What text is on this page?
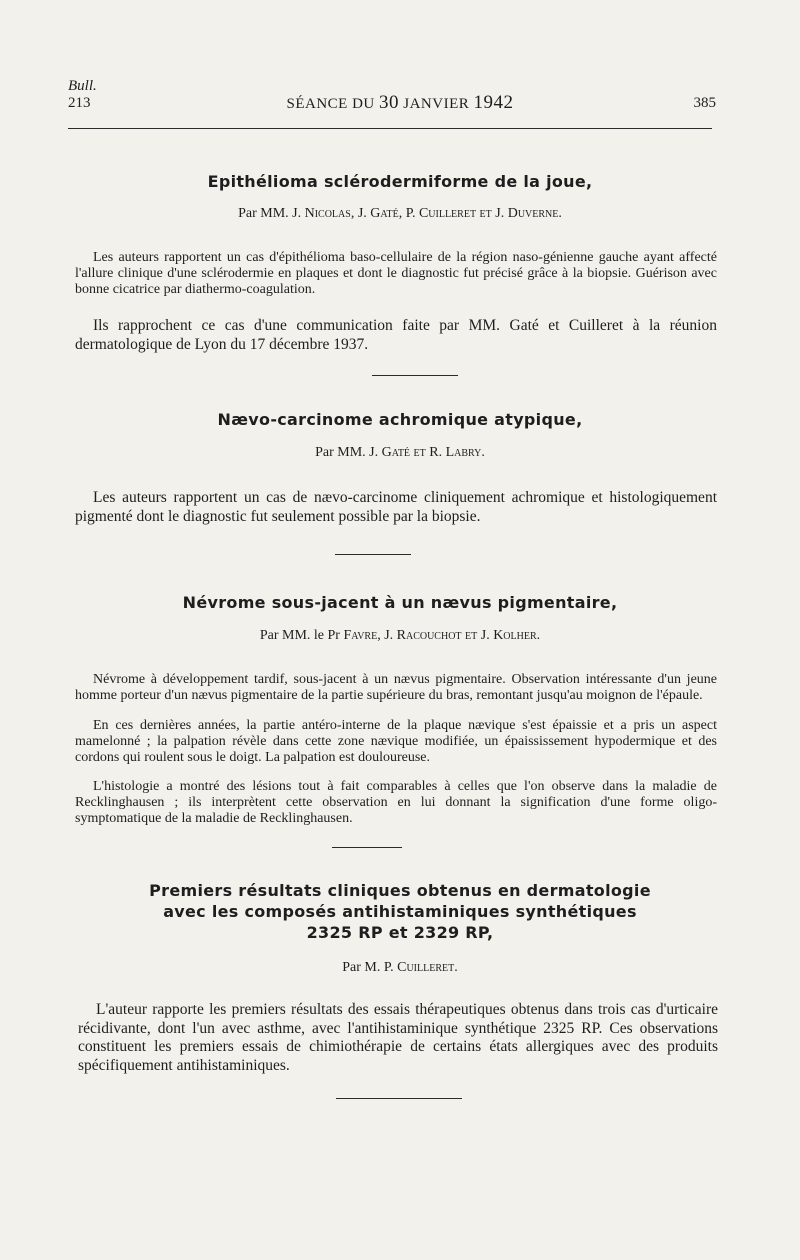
Bull.
213	SÉANCE DU 30 JANVIER 1942	385
Epithélioma sclérodermiforme de la joue,
Par MM. J. Nicolas, J. Gaté, P. Cuilleret et J. Duverne.

Les auteurs rapportent un cas d'épithélioma baso-cellulaire de la région naso-génienne gauche ayant affecté l'allure clinique d'une sclérodermie en plaques et dont le diagnostic fut précisé grâce à la biopsie. Guérison avec bonne cicatrice par diathermo-coagulation.

Ils rapprochent ce cas d'une communication faite par MM. Gaté et Cuilleret à la réunion dermatologique de Lyon du 17 décembre 1937.

Nævo-carcinome achromique atypique,
Par MM. J. Gaté et R. Labry.

Les auteurs rapportent un cas de nævo-carcinome cliniquement achromique et histologiquement pigmenté dont le diagnostic fut seulement possible par la biopsie.

Névrome sous-jacent à un nævus pigmentaire,
Par MM. le Pr Favre, J. Racouchot et J. Kolher.

Névrome à développement tardif, sous-jacent à un nævus pigmentaire. Observation intéressante d'un jeune homme porteur d'un nævus pigmentaire de la partie supérieure du bras, remontant jusqu'au moignon de l'épaule.

En ces dernières années, la partie antéro-interne de la plaque nævique s'est épaissie et a pris un aspect mamelonné ; la palpation révèle dans cette zone nævique modifiée, un épaississement hypodermique et des cordons qui roulent sous le doigt. La palpation est douloureuse.

L'histologie a montré des lésions tout à fait comparables à celles que l'on observe dans la maladie de Recklinghausen ; ils interprètent cette observation en lui donnant la signification d'une forme oligo-symptomatique de la maladie de Recklinghausen.

Premiers résultats cliniques obtenus en dermatologie
avec les composés antihistaminiques synthétiques
2325 RP et 2329 RP,
Par M. P. Cuilleret.

L'auteur rapporte les premiers résultats des essais thérapeutiques obtenus dans trois cas d'urticaire récidivante, dont l'un avec asthme, avec l'antihistaminique synthétique 2325 RP. Ces observations constituent les premiers essais de chimiothérapie de certains états allergiques avec des produits spécifiquement antihistaminiques.
